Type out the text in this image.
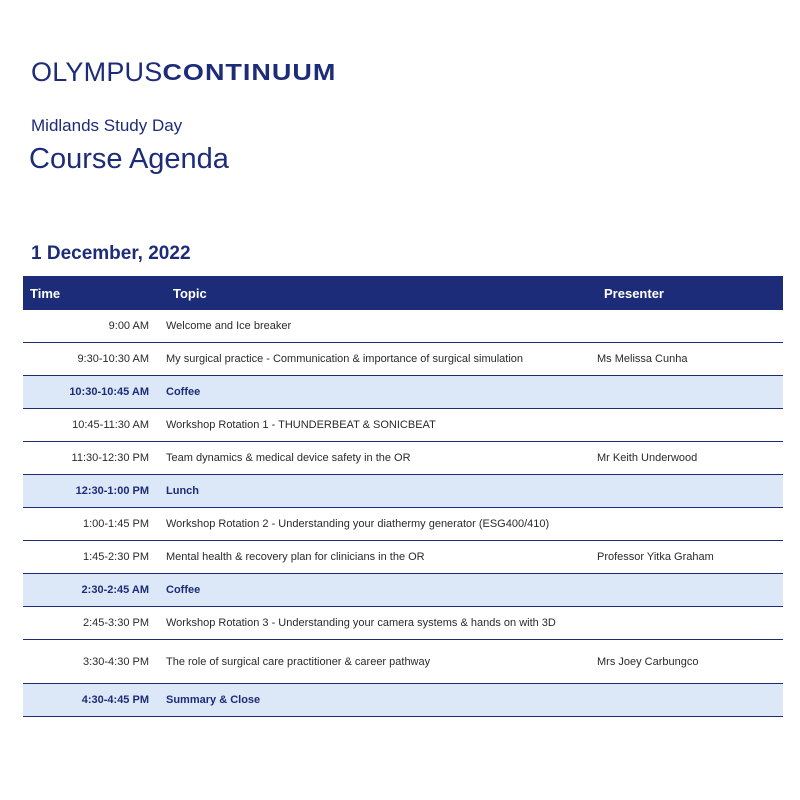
OLYMPUS CONTINUUM
Midlands Study Day
Course Agenda
1 December, 2022
Time	Topic	Presenter
9:00 AM	Welcome and Ice breaker
9:30-10:30 AM	My surgical practice - Communication & importance of surgical simulation	Ms Melissa Cunha
10:30-10:45 AM	Coffee
10:45-11:30 AM	Workshop Rotation 1 - THUNDERBEAT & SONICBEAT
11:30-12:30 PM	Team dynamics & medical device safety in the OR	Mr Keith Underwood
12:30-1:00 PM	Lunch
1:00-1:45 PM	Workshop Rotation 2 - Understanding your diathermy generator (ESG400/410)
1:45-2:30 PM	Mental health & recovery plan for clinicians in the OR	Professor Yitka Graham
2:30-2:45 AM	Coffee
2:45-3:30 PM	Workshop Rotation 3 - Understanding your camera systems & hands on with 3D
3:30-4:30 PM	The role of surgical care practitioner & career pathway	Mrs Joey Carbungco
4:30-4:45 PM	Summary & Close
